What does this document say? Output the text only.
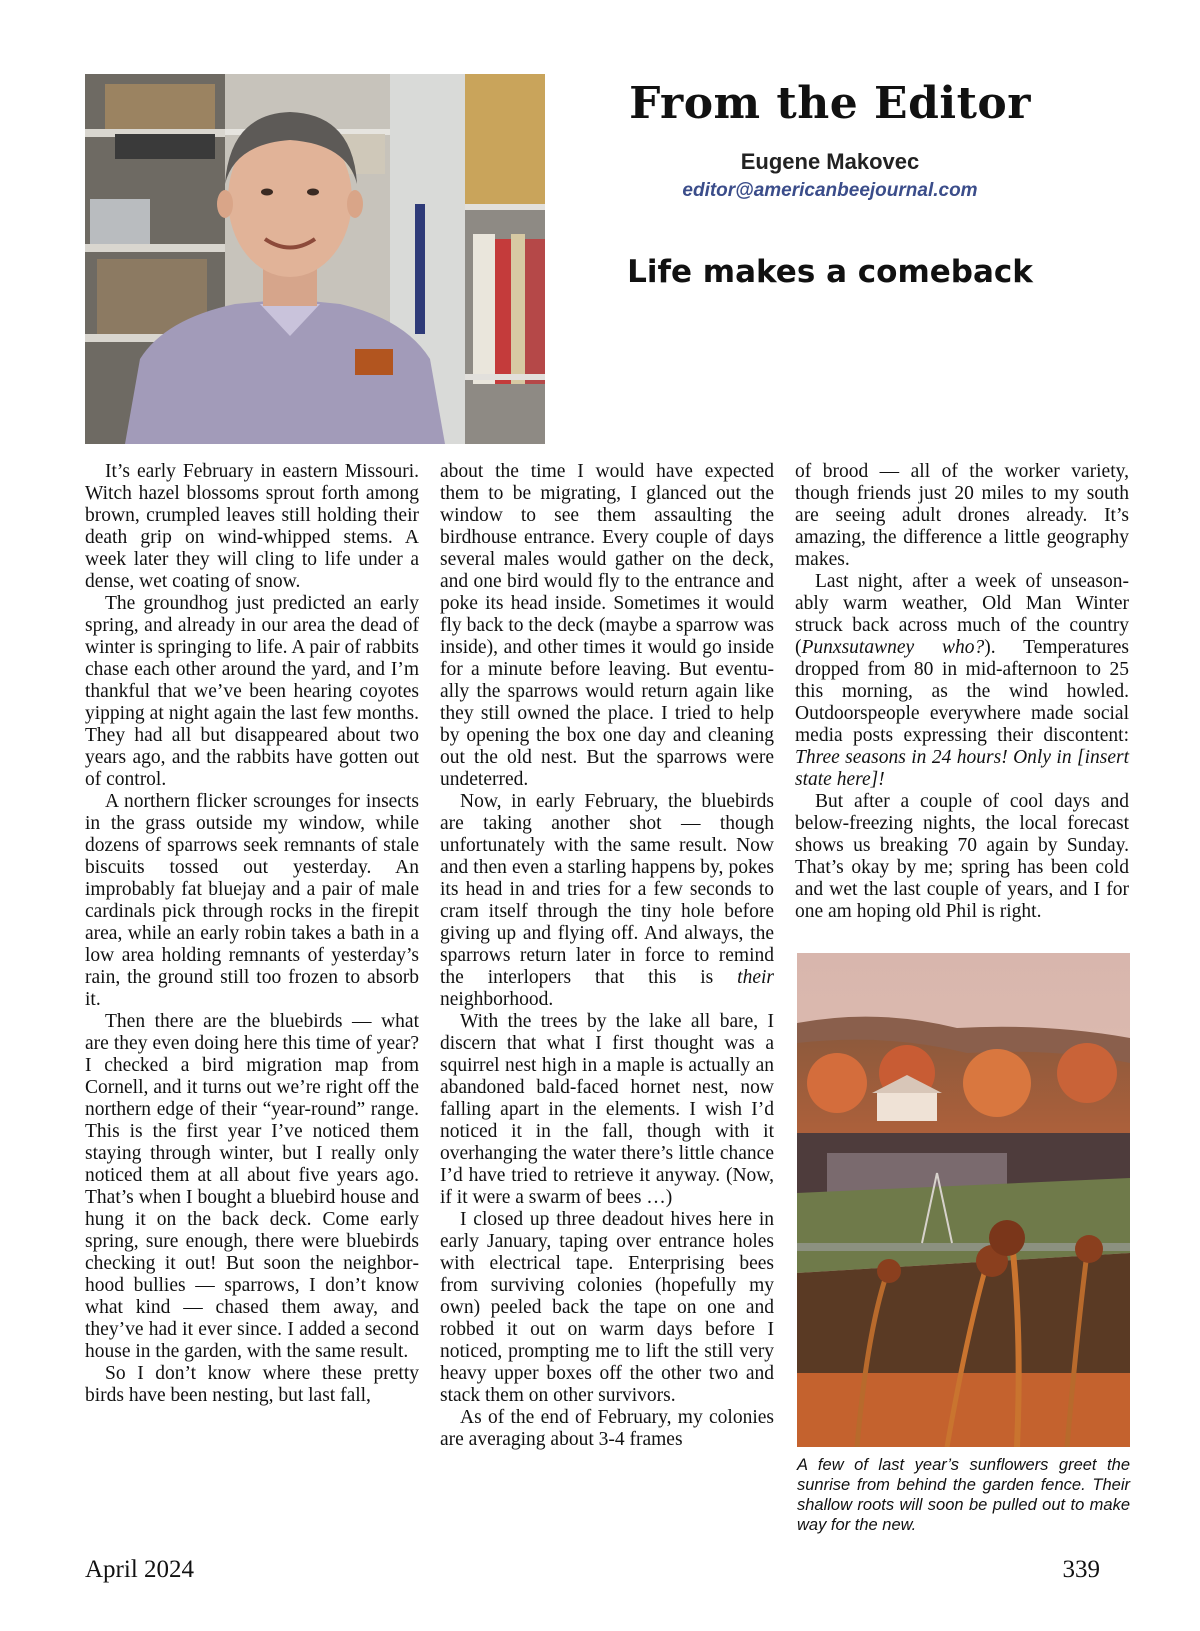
From the Editor
Eugene Makovec
editor@americanbeejournal.com
Life makes a comeback

It’s early February in eastern Missouri. Witch hazel blossoms sprout forth among brown, crumpled leaves still holding their death grip on wind-whipped stems. A week later they will cling to life under a dense, wet coating of snow.

The groundhog just predicted an early spring, and already in our area the dead of winter is springing to life. A pair of rabbits chase each other around the yard, and I’m thankful that we’ve been hearing coyotes yipping at night again the last few months. They had all but disappeared about two years ago, and the rabbits have gotten out of control.

A northern flicker scrounges for insects in the grass outside my window, while dozens of sparrows seek remnants of stale biscuits tossed out yesterday. An improbably fat bluejay and a pair of male cardinals pick through rocks in the firepit area, while an early robin takes a bath in a low area holding remnants of yesterday’s rain, the ground still too frozen to absorb it.

Then there are the bluebirds — what are they even doing here this time of year? I checked a bird migration map from Cornell, and it turns out we’re right off the northern edge of their “year-round” range. This is the first year I’ve noticed them staying through winter, but I really only noticed them at all about five years ago. That’s when I bought a bluebird house and hung it on the back deck. Come early spring, sure enough, there were bluebirds checking it out! But soon the neighborhood bullies — sparrows, I don’t know what kind — chased them away, and they’ve had it ever since. I added a second house in the garden, with the same result.

So I don’t know where these pretty birds have been nesting, but last fall,

about the time I would have expected them to be migrating, I glanced out the window to see them assaulting the birdhouse entrance. Every couple of days several males would gather on the deck, and one bird would fly to the entrance and poke its head inside. Sometimes it would fly back to the deck (maybe a sparrow was inside), and other times it would go inside for a minute before leaving. But eventually the sparrows would return again like they still owned the place. I tried to help by opening the box one day and cleaning out the old nest. But the sparrows were undeterred.

Now, in early February, the bluebirds are taking another shot — though unfortunately with the same result. Now and then even a starling happens by, pokes its head in and tries for a few seconds to cram itself through the tiny hole before giving up and flying off. And always, the sparrows return later in force to remind the interlopers that this is their neighborhood.

With the trees by the lake all bare, I discern that what I first thought was a squirrel nest high in a maple is actually an abandoned bald-faced hornet nest, now falling apart in the elements. I wish I’d noticed it in the fall, though with it overhanging the water there’s little chance I’d have tried to retrieve it anyway. (Now, if it were a swarm of bees …)

I closed up three deadout hives here in early January, taping over entrance holes with electrical tape. Enterprising bees from surviving colonies (hopefully my own) peeled back the tape on one and robbed it out on warm days before I noticed, prompting me to lift the still very heavy upper boxes off the other two and stack them on other survivors.

As of the end of February, my colonies are averaging about 3-4 frames

of brood — all of the worker variety, though friends just 20 miles to my south are seeing adult drones already. It’s amazing, the difference a little geography makes.

Last night, after a week of unseasonably warm weather, Old Man Winter struck back across much of the country (Punxsutawney who?). Temperatures dropped from 80 in mid-afternoon to 25 this morning, as the wind howled. Outdoorspeople everywhere made social media posts expressing their discontent: Three seasons in 24 hours! Only in [insert state here]!

But after a couple of cool days and below-freezing nights, the local forecast shows us breaking 70 again by Sunday. That’s okay by me; spring has been cold and wet the last couple of years, and I for one am hoping old Phil is right.

A few of last year’s sunflowers greet the sunrise from behind the garden fence. Their shallow roots will soon be pulled out to make way for the new.
April 2024	339
